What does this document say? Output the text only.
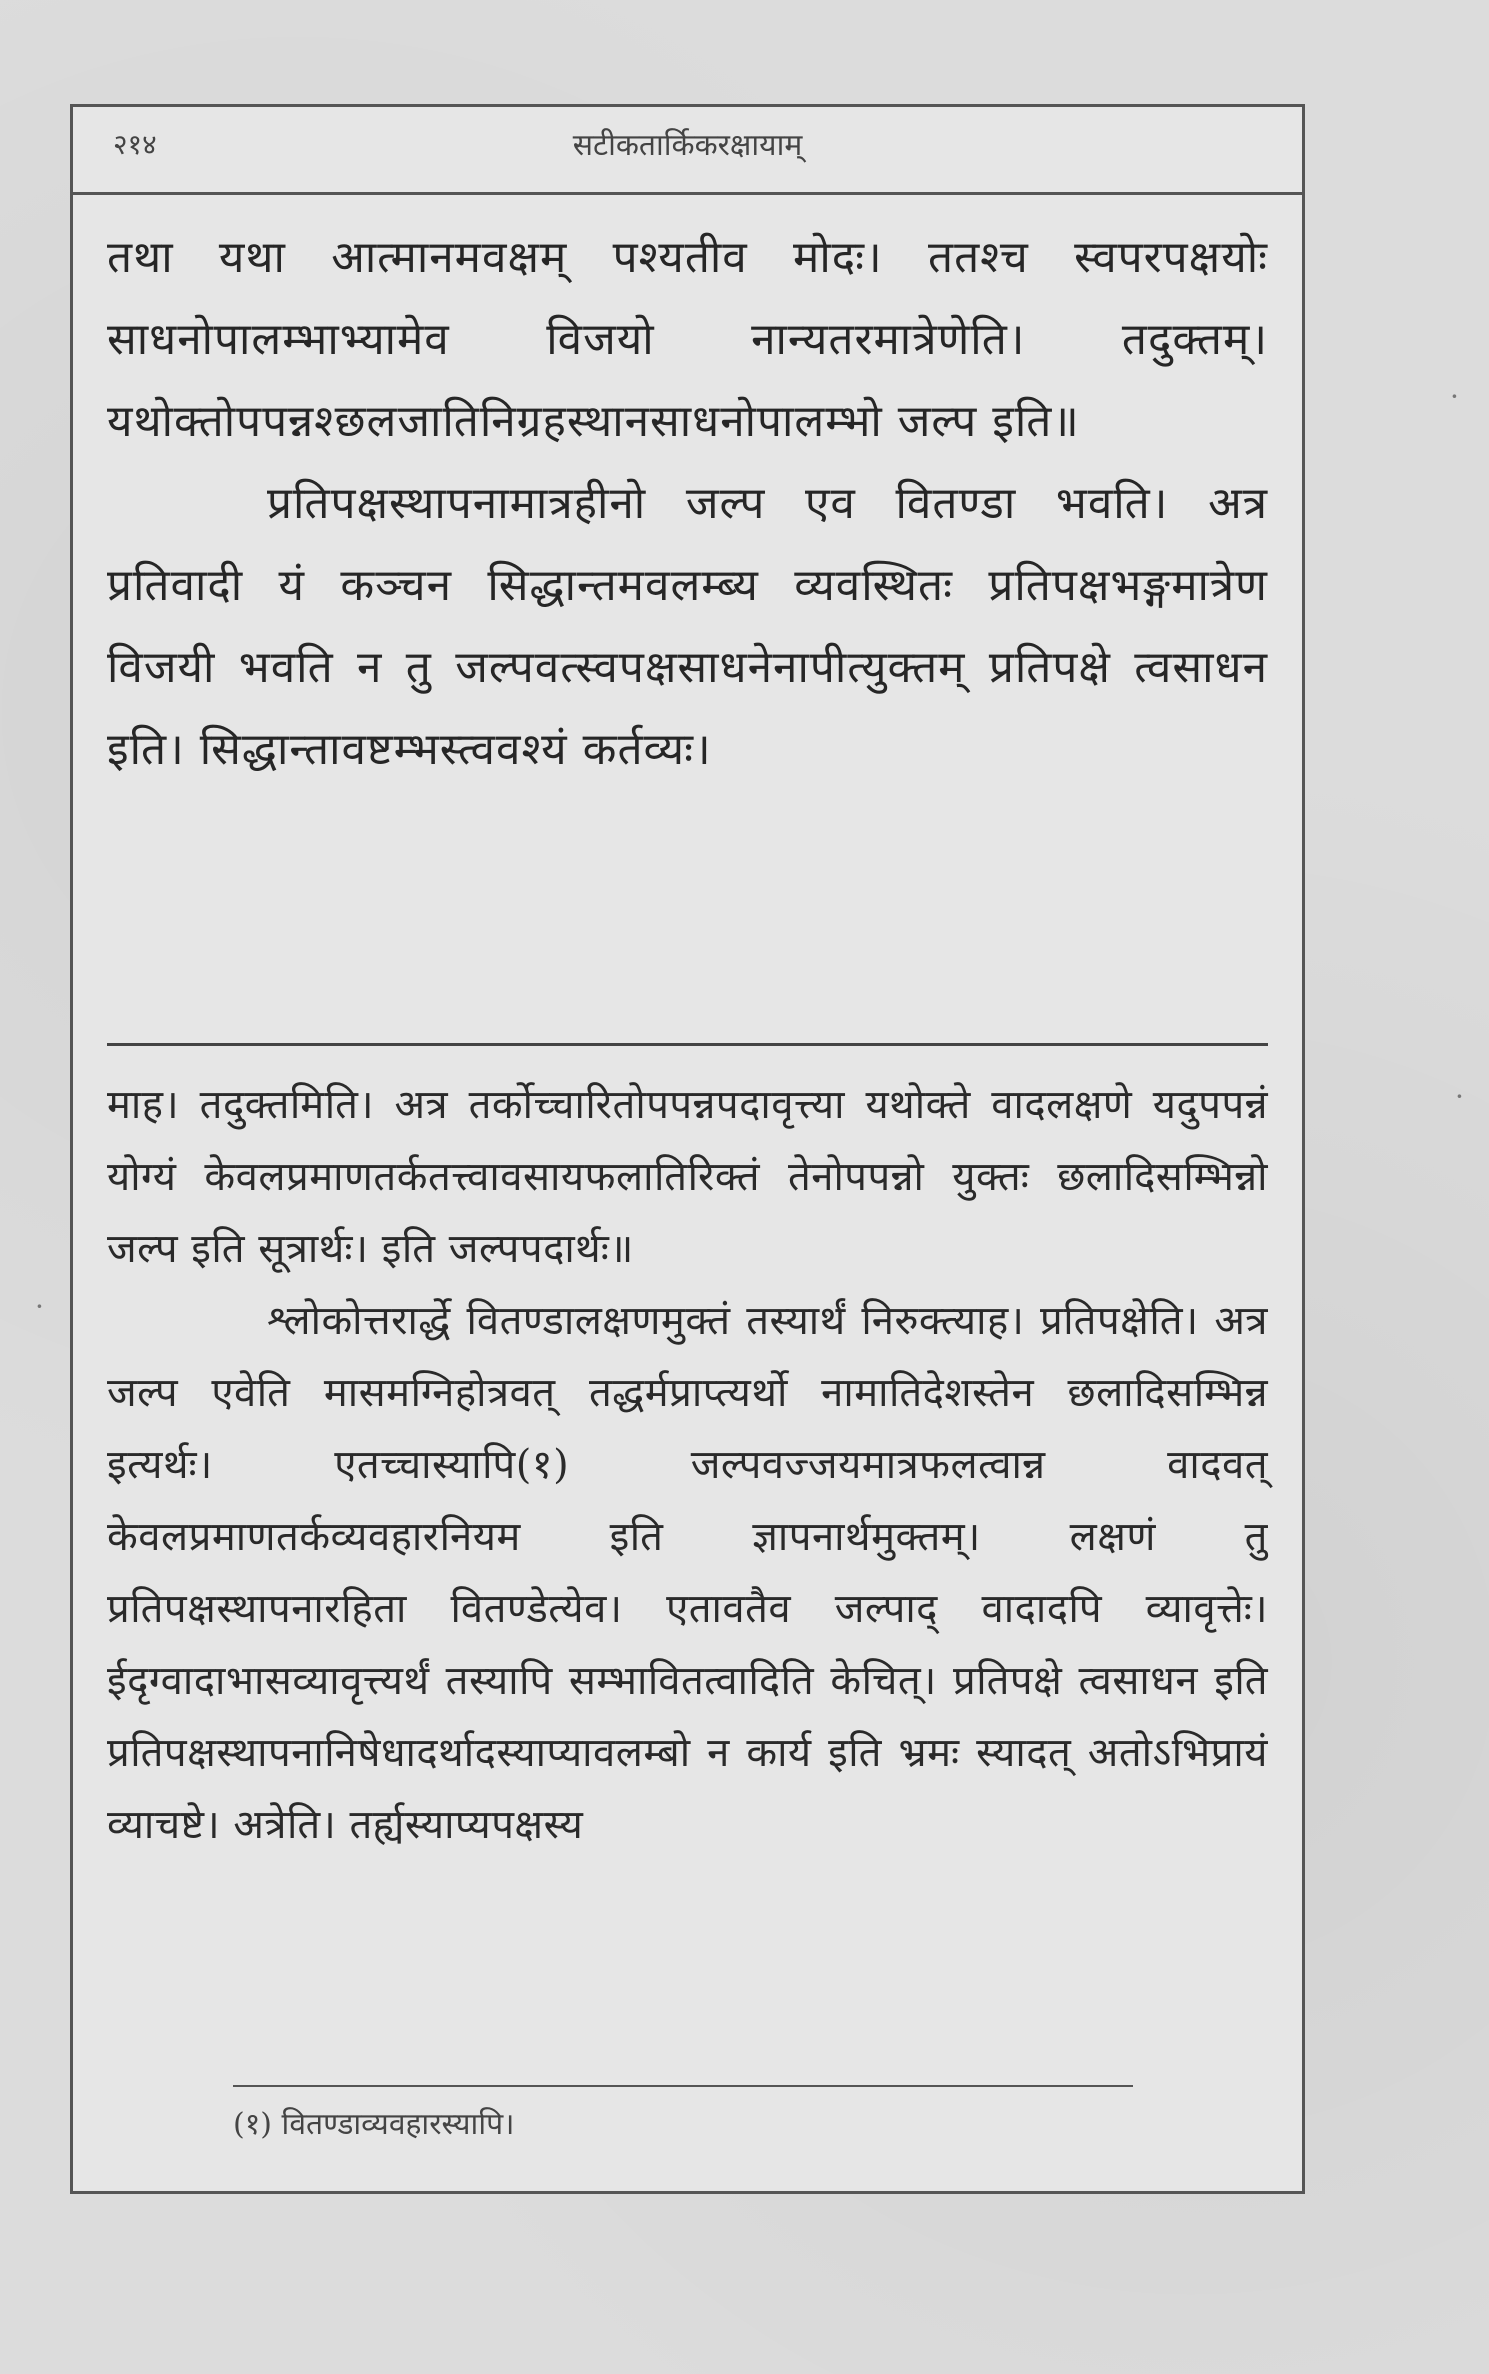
·
·
·
२१४	सटीकतार्किकरक्षायाम्

तथा यथा आत्मानमवक्षम् पश्यतीव मोदः। ततश्च स्वपरपक्षयोः साधनोपालम्भाभ्यामेव विजयो नान्यतरमात्रेणेति। तदुक्तम्। यथोक्तोपपन्नश्छलजातिनिग्रहस्थानसाधनोपालम्भो जल्प इति॥

प्रतिपक्षस्थापनामात्रहीनो जल्प एव वितण्डा भवति। अत्र प्रतिवादी यं कञ्चन सिद्धान्तमवलम्ब्य व्यवस्थितः प्रतिपक्षभङ्गमात्रेण विजयी भवति न तु जल्पवत्स्वपक्षसाधनेनापीत्युक्तम् प्रतिपक्षे त्वसाधन इति। सिद्धान्तावष्टम्भस्त्ववश्यं कर्तव्यः।

माह। तदुक्तमिति। अत्र तर्कोच्चारितोपपन्नपदावृत्त्या यथोक्ते वादलक्षणे यदुपपन्नं योग्यं केवलप्रमाणतर्कतत्त्वावसायफलातिरिक्तं तेनोपपन्नो युक्तः छलादिसम्भिन्नो जल्प इति सूत्रार्थः। इति जल्पपदार्थः॥

श्लोकोत्तरार्द्धे वितण्डालक्षणमुक्तं तस्यार्थं निरुक्त्याह। प्रतिपक्षेति। अत्र जल्प एवेति मासमग्निहोत्रवत् तद्धर्मप्राप्त्यर्थो नामातिदेशस्तेन छलादिसम्भिन्न इत्यर्थः। एतच्चास्यापि(१) जल्पवज्जयमात्रफलत्वान्न वादवत् केवलप्रमाणतर्कव्यवहारनियम इति ज्ञापनार्थमुक्तम्। लक्षणं तु प्रतिपक्षस्थापनारहिता वितण्डेत्येव। एतावतैव जल्पाद् वादादपि व्यावृत्तेः। ईदृग्वादाभासव्यावृत्त्यर्थं तस्यापि सम्भावितत्वादिति केचित्। प्रतिपक्षे त्वसाधन इति प्रतिपक्षस्थापनानिषेधादर्थादस्याप्यावलम्बो न कार्य इति भ्रमः स्यादत् अतोऽभिप्रायं व्याचष्टे। अत्रेति। तर्ह्यस्याप्यपक्षस्य

(१) वितण्डाव्यवहारस्यापि।
